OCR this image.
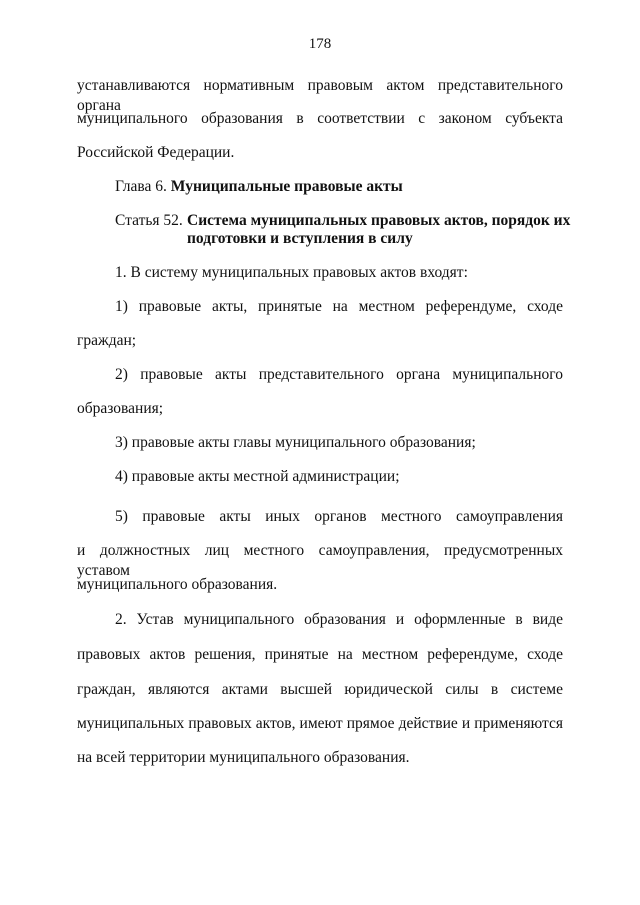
178
устанавливаются нормативным правовым актом представительного органа
муниципального образования в соответствии с законом субъекта
Российской Федерации.
Глава 6. Муниципальные правовые акты
Статья 52. Система муниципальных правовых актов, порядок их
подготовки и вступления в силу
1. В систему муниципальных правовых актов входят:
1) правовые акты, принятые на местном референдуме, сходе
граждан;
2) правовые акты представительного органа муниципального
образования;
3) правовые акты главы муниципального образования;
4) правовые акты местной администрации;
5) правовые акты иных органов местного самоуправления
и должностных лиц местного самоуправления, предусмотренных уставом
муниципального образования.
2. Устав муниципального образования и оформленные в виде
правовых актов решения, принятые на местном референдуме, сходе
граждан, являются актами высшей юридической силы в системе
муниципальных правовых актов, имеют прямое действие и применяются
на всей территории муниципального образования.
